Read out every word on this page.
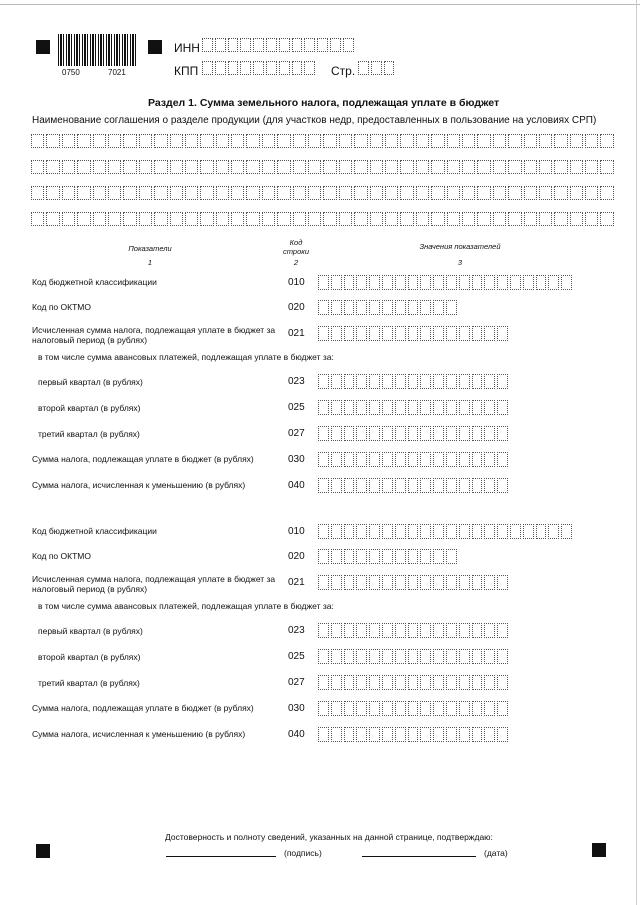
0750	7021
ИНН
КПП	Стр.
Раздел 1. Сумма земельного налога, подлежащая уплате в бюджет
Наименование соглашения о разделе продукции (для участков недр, предоставленных в пользование на условиях СРП)
Показатели
Код строки
Значения показателей
1	2	3
Код бюджетной классификации	010
Код по ОКТМО	020
Исчисленная сумма налога, подлежащая уплате в бюджет за налоговый период (в рублях)
021
в том числе сумма авансовых платежей, подлежащая уплате в бюджет за:
первый квартал (в рублях)	023
второй квартал (в рублях)	025
третий квартал (в рублях)	027
Сумма налога, подлежащая уплате в бюджет (в рублях)	030
Сумма налога, исчисленная к уменьшению (в рублях)	040
Код бюджетной классификации	010
Код по ОКТМО	020
Исчисленная сумма налога, подлежащая уплате в бюджет за налоговый период (в рублях)
021
в том числе сумма авансовых платежей, подлежащая уплате в бюджет за:
первый квартал (в рублях)	023
второй квартал (в рублях)	025
третий квартал (в рублях)	027
Сумма налога, подлежащая уплате в бюджет (в рублях)	030
Сумма налога, исчисленная к уменьшению (в рублях)	040
Достоверность и полноту сведений, указанных на данной странице, подтверждаю:
(подпись)	(дата)
